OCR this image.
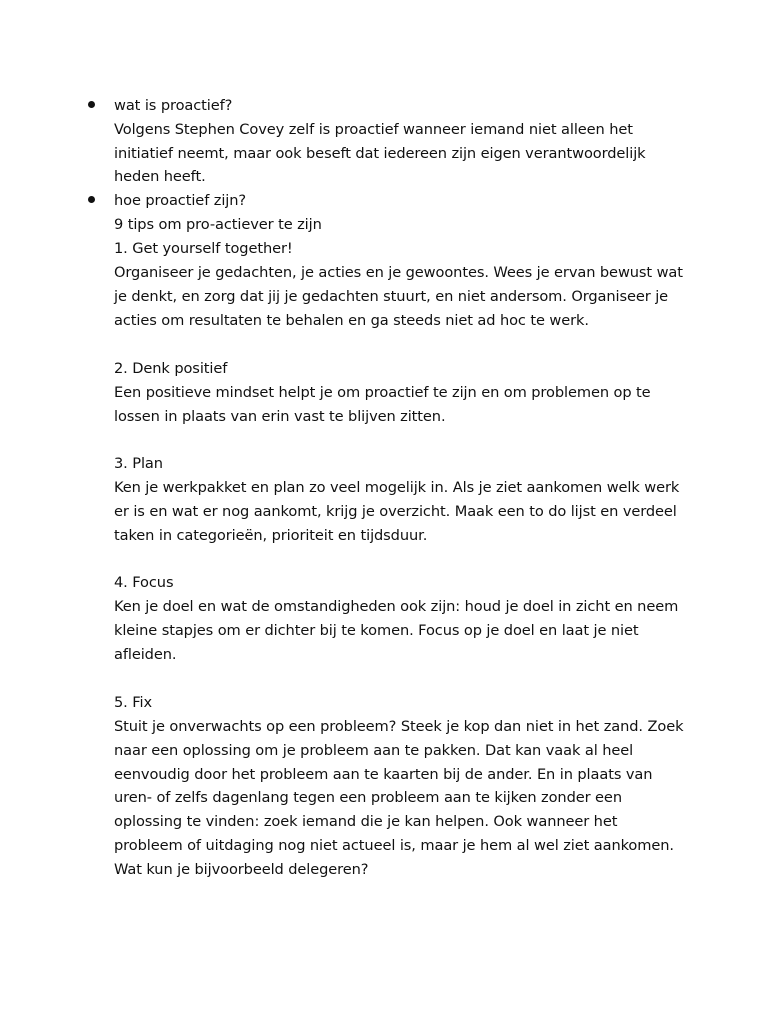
wat is proactief?
Volgens Stephen Covey zelf is proactief wanneer iemand niet alleen het
initiatief neemt, maar ook beseft dat iedereen zijn eigen verantwoordelijk
heden heeft.
hoe proactief zijn?
9 tips om pro-actiever te zijn
1. Get yourself together!
Organiseer je gedachten, je acties en je gewoontes. Wees je ervan bewust wat
je denkt, en zorg dat jij je gedachten stuurt, en niet andersom. Organiseer je
acties om resultaten te behalen en ga steeds niet ad hoc te werk.
2. Denk positief
Een positieve mindset helpt je om proactief te zijn en om problemen op te
lossen in plaats van erin vast te blijven zitten.
3. Plan
Ken je werkpakket en plan zo veel mogelijk in. Als je ziet aankomen welk werk
er is en wat er nog aankomt, krijg je overzicht. Maak een to do lijst en verdeel
taken in categorieën, prioriteit en tijdsduur.
4. Focus
Ken je doel en wat de omstandigheden ook zijn: houd je doel in zicht en neem
kleine stapjes om er dichter bij te komen. Focus op je doel en laat je niet
afleiden.
5. Fix
Stuit je onverwachts op een probleem? Steek je kop dan niet in het zand. Zoek
naar een oplossing om je probleem aan te pakken. Dat kan vaak al heel
eenvoudig door het probleem aan te kaarten bij de ander. En in plaats van
uren- of zelfs dagenlang tegen een probleem aan te kijken zonder een
oplossing te vinden: zoek iemand die je kan helpen. Ook wanneer het
probleem of uitdaging nog niet actueel is, maar je hem al wel ziet aankomen.
Wat kun je bijvoorbeeld delegeren?
